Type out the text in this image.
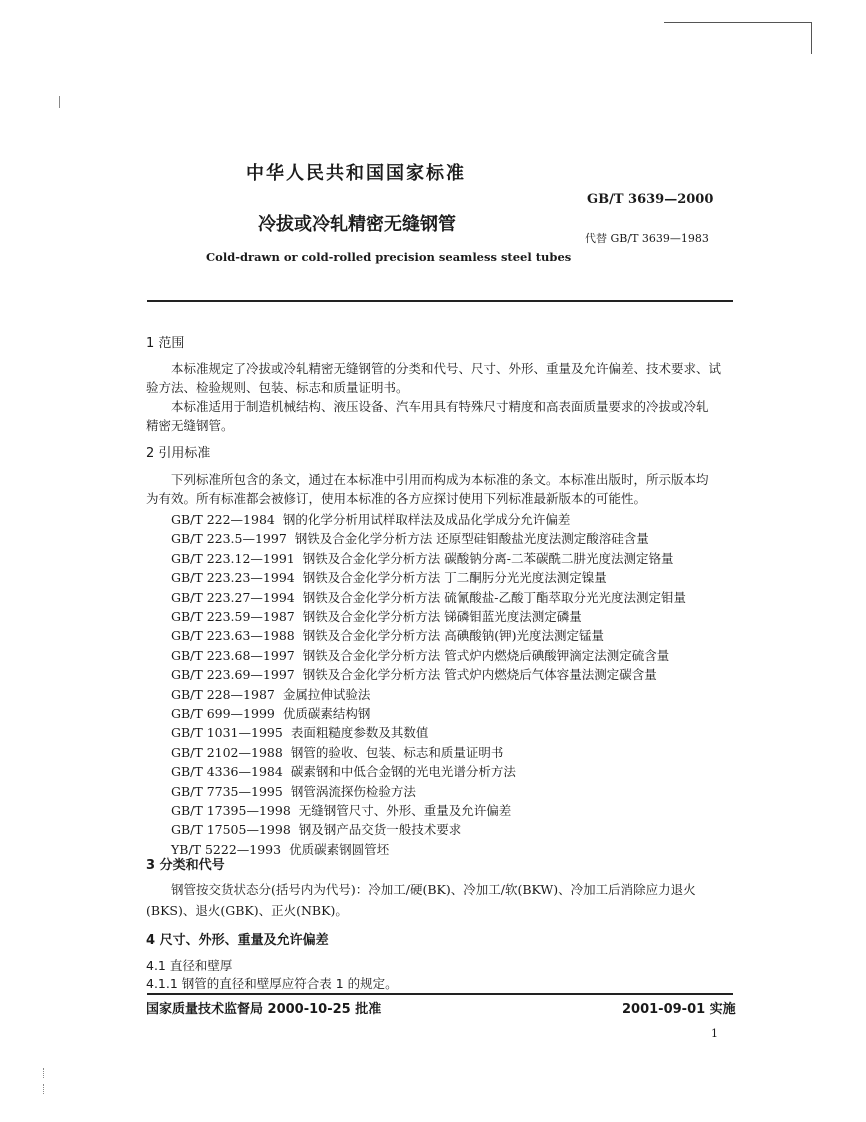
中华人民共和国国家标准
GB/T 3639—2000
冷拔或冷轧精密无缝钢管
代替 GB/T 3639—1983
Cold-drawn or cold-rolled precision seamless steel tubes
1 范围
本标准规定了冷拔或冷轧精密无缝钢管的分类和代号、尺寸、外形、重量及允许偏差、技术要求、试
验方法、检验规则、包装、标志和质量证明书。
本标准适用于制造机械结构、液压设备、汽车用具有特殊尺寸精度和高表面质量要求的冷拔或冷轧
精密无缝钢管。
2 引用标准
下列标准所包含的条文，通过在本标准中引用而构成为本标准的条文。本标准出版时，所示版本均
为有效。所有标准都会被修订，使用本标准的各方应探讨使用下列标准最新版本的可能性。
GB/T 222—1984 钢的化学分析用试样取样法及成品化学成分允许偏差
GB/T 223.5—1997 钢铁及合金化学分析方法 还原型硅钼酸盐光度法测定酸溶硅含量
GB/T 223.12—1991 钢铁及合金化学分析方法 碳酸钠分离-二苯碳酰二肼光度法测定铬量
GB/T 223.23—1994 钢铁及合金化学分析方法 丁二酮肟分光光度法测定镍量
GB/T 223.27—1994 钢铁及合金化学分析方法 硫氰酸盐-乙酸丁酯萃取分光光度法测定钼量
GB/T 223.59—1987 钢铁及合金化学分析方法 锑磷钼蓝光度法测定磷量
GB/T 223.63—1988 钢铁及合金化学分析方法 高碘酸钠(钾)光度法测定锰量
GB/T 223.68—1997 钢铁及合金化学分析方法 管式炉内燃烧后碘酸钾滴定法测定硫含量
GB/T 223.69—1997 钢铁及合金化学分析方法 管式炉内燃烧后气体容量法测定碳含量
GB/T 228—1987 金属拉伸试验法
GB/T 699—1999 优质碳素结构钢
GB/T 1031—1995 表面粗糙度参数及其数值
GB/T 2102—1988 钢管的验收、包装、标志和质量证明书
GB/T 4336—1984 碳素钢和中低合金钢的光电光谱分析方法
GB/T 7735—1995 钢管涡流探伤检验方法
GB/T 17395—1998 无缝钢管尺寸、外形、重量及允许偏差
GB/T 17505—1998 钢及钢产品交货一般技术要求
YB/T 5222—1993 优质碳素钢圆管坯
3 分类和代号
钢管按交货状态分(括号内为代号)：冷加工/硬(BK)、冷加工/软(BKW)、冷加工后消除应力退火
(BKS)、退火(GBK)、正火(NBK)。
4 尺寸、外形、重量及允许偏差
4.1 直径和壁厚
4.1.1 钢管的直径和壁厚应符合表 1 的规定。
国家质量技术监督局 2000-10-25 批准	2001-09-01 实施
1
